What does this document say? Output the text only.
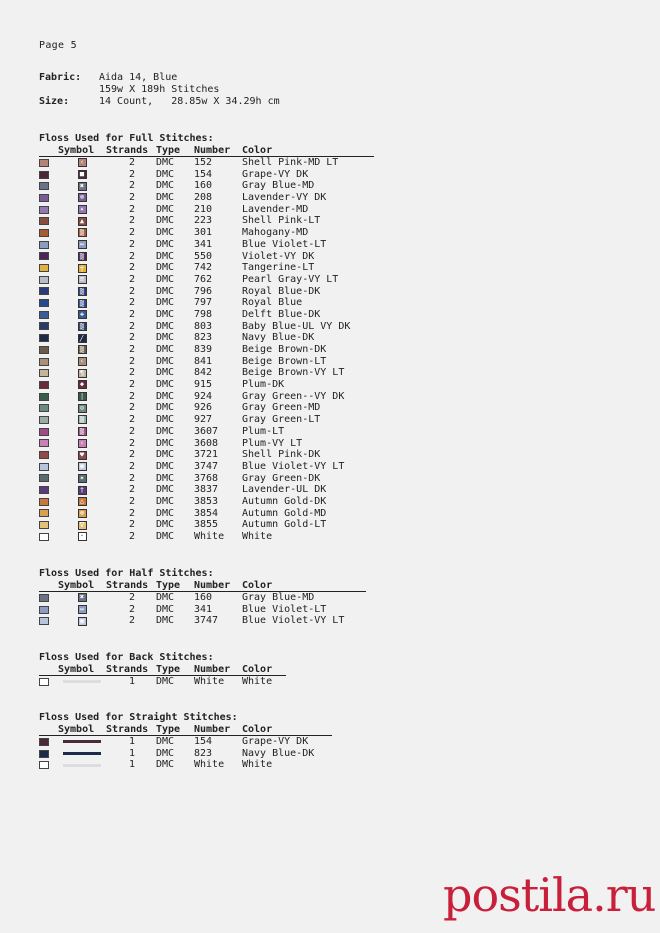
Page 5
Fabric:	Aida 14, Blue
159w X 189h Stitches
Size:	14 Count,   28.85w X 34.29h cm
Floss Used for Full Stitches:
Symbol	Strands Type	Number	Color
‹	2	DMC	152	Shell Pink-MD LT
■	2	DMC	154	Grape-VY DK
✖	2	DMC	160	Gray Blue-MD
⊗	2	DMC	208	Lavender-VY DK
✦	2	DMC	210	Lavender-MD
▲	2	DMC	223	Shell Pink-LT
▒	2	DMC	301	Mahogany-MD
↔	2	DMC	341	Blue Violet-LT
▒	2	DMC	550	Violet-VY DK
┼	2	DMC	742	Tangerine-LT
≡	2	DMC	762	Pearl Gray-VY LT
▒	2	DMC	796	Royal Blue-DK
▒	2	DMC	797	Royal Blue
✚	2	DMC	798	Delft Blue-DK
▒	2	DMC	803	Baby Blue-UL VY DK
╱	2	DMC	823	Navy Blue-DK
▒	2	DMC	839	Beige Brown-DK
‹	2	DMC	841	Beige Brown-LT
¶	2	DMC	842	Beige Brown-VY LT
◆	2	DMC	915	Plum-DK
│	2	DMC	924	Gray Green--VY DK
⊙	2	DMC	926	Gray Green-MD
▒	2	DMC	927	Gray Green-LT
▒	2	DMC	3607	Plum-LT
‹	2	DMC	3608	Plum-VY LT
♥	2	DMC	3721	Shell Pink-DK
▣	2	DMC	3747	Blue Violet-VY LT
✶	2	DMC	3768	Gray Green-DK
†	2	DMC	3837	Lavender-UL DK
△	2	DMC	3853	Autumn Gold-DK
⊗	2	DMC	3854	Autumn Gold-MD
∇	2	DMC	3855	Autumn Gold-LT
·	2	DMC	White	White
Floss Used for Half Stitches:
Symbol	Strands Type	Number	Color
✖	2	DMC	160	Gray Blue-MD
↔	2	DMC	341	Blue Violet-LT
▣	2	DMC	3747	Blue Violet-VY LT
Floss Used for Back Stitches:
Symbol	Strands Type	Number	Color
1	DMC	White	White
Floss Used for Straight Stitches:
Symbol	Strands Type	Number	Color
1	DMC	154	Grape-VY DK
1	DMC	823	Navy Blue-DK
1	DMC	White	White
postila.ru
